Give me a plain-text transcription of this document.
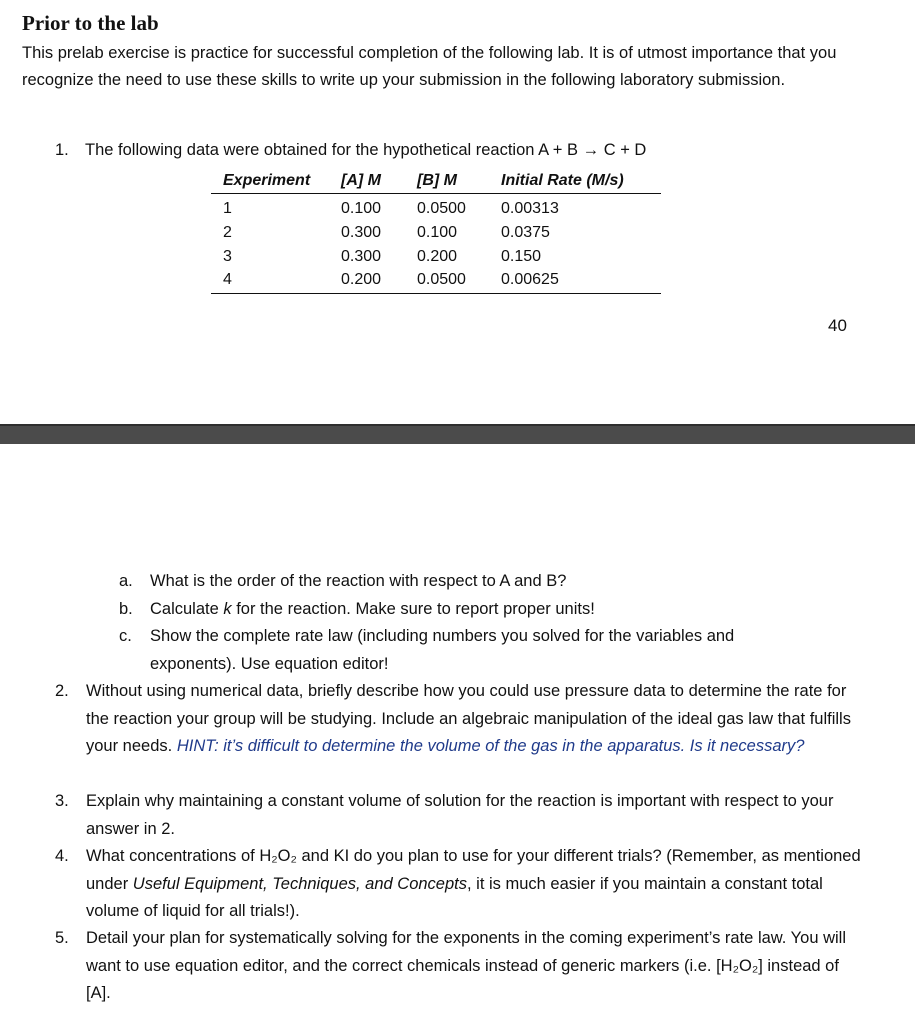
Prior to the lab
This prelab exercise is practice for successful completion of the following lab. It is of utmost importance that you recognize the need to use these skills to write up your submission in the following laboratory submission.
1. The following data were obtained for the hypothetical reaction A + B → C + D
Experiment	[A] M	[B] M	Initial Rate (M/s)
1	0.100	0.0500	0.00313
2	0.300	0.100	0.0375
3	0.300	0.200	0.150
4	0.200	0.0500	0.00625
40
a. What is the order of the reaction with respect to A and B?
b. Calculate k for the reaction. Make sure to report proper units!
c.	Show the complete rate law (including numbers you solved for the variables and exponents). Use equation editor!
2. Without using numerical data, briefly describe how you could use pressure data to determine the rate for the reaction your group will be studying. Include an algebraic manipulation of the ideal gas law that fulfills your needs. HINT: it’s difficult to determine the volume of the gas in the apparatus. Is it necessary?
3. Explain why maintaining a constant volume of solution for the reaction is important with respect to your answer in 2.
4. What concentrations of H₂O₂ and KI do you plan to use for your different trials? (Remember, as mentioned under Useful Equipment, Techniques, and Concepts, it is much easier if you maintain a constant total volume of liquid for all trials!).
5. Detail your plan for systematically solving for the exponents in the coming experiment’s rate law. You will want to use equation editor, and the correct chemicals instead of generic markers (i.e. [H₂O₂] instead of [A].
